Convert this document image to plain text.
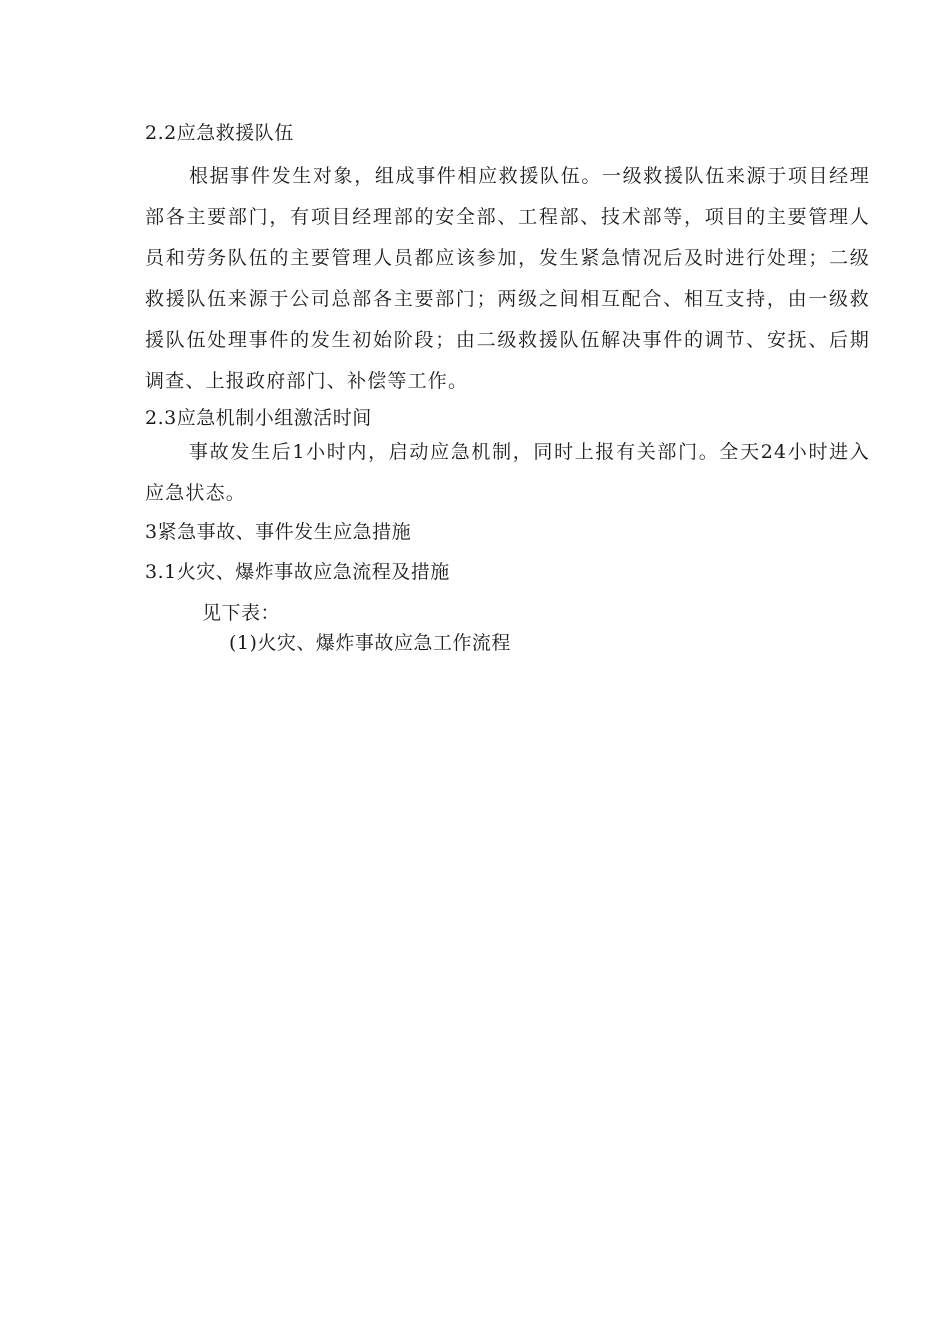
2.2应急救援队伍

根据事件发生对象，组成事件相应救援队伍。一级救援队伍来源于项目经理部各主要部门，有项目经理部的安全部、工程部、技术部等，项目的主要管理人员和劳务队伍的主要管理人员都应该参加，发生紧急情况后及时进行处理；二级救援队伍来源于公司总部各主要部门；两级之间相互配合、相互支持，由一级救援队伍处理事件的发生初始阶段；由二级救援队伍解决事件的调节、安抚、后期调查、上报政府部门、补偿等工作。

2.3应急机制小组激活时间

事故发生后1小时内，启动应急机制，同时上报有关部门。全天24小时进入应急状态。

3紧急事故、事件发生应急措施
3.1火灾、爆炸事故应急流程及措施
见下表：
(1)火灾、爆炸事故应急工作流程
